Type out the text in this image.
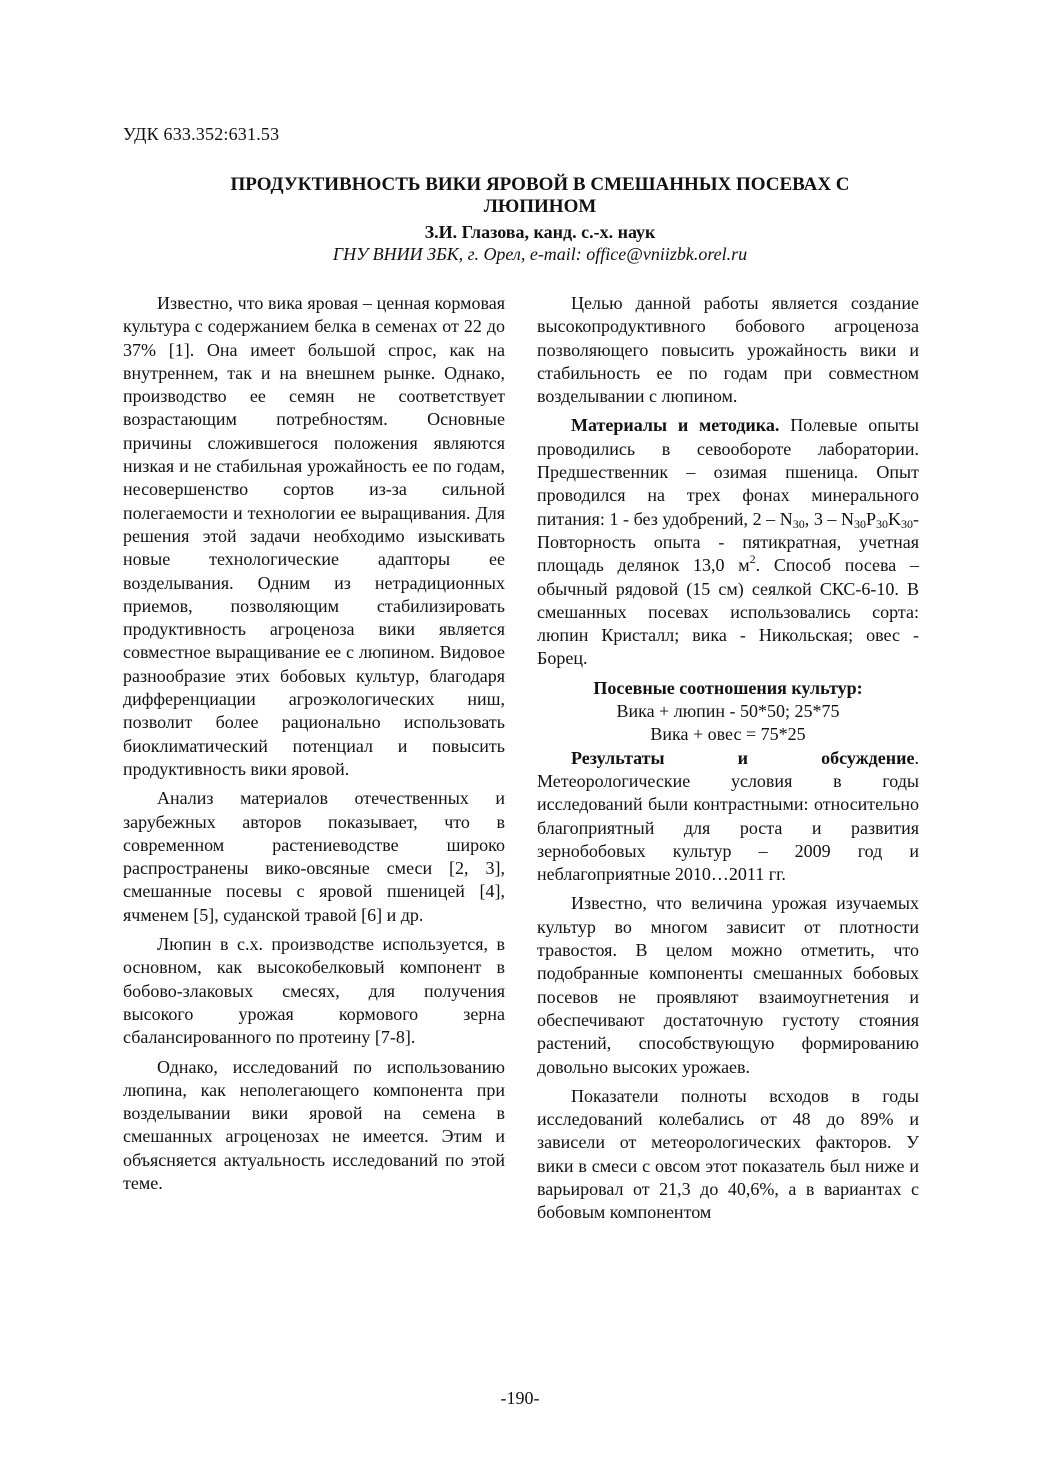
УДК 633.352:631.53
ПРОДУКТИВНОСТЬ ВИКИ ЯРОВОЙ В СМЕШАННЫХ ПОСЕВАХ С
ЛЮПИНОМ
З.И. Глазова, канд. с.-х. наук
ГНУ ВНИИ ЗБК, г. Орел, e-mail: office@vniizbk.orel.ru

Известно, что вика яровая – ценная кормовая культура с содержанием белка в семенах от 22 до 37% [1]. Она имеет большой спрос, как на внутреннем, так и на внешнем рынке. Однако, производство ее семян не соответствует возрастающим потребностям. Основные причины сложившегося положения являются низкая и не стабильная урожайность ее по годам, несовершенство сортов из-за сильной полегаемости и технологии ее выращивания. Для решения этой задачи необходимо изыскивать новые технологические адапторы ее возделывания. Одним из нетрадиционных приемов, позволяющим стабилизировать продуктивность агроценоза вики является совместное выращивание ее с люпином. Видовое разнообразие этих бобовых культур, благодаря дифференциации агроэкологических ниш, позволит более рационально использовать биоклиматический потенциал и повысить продуктивность вики яровой.

Анализ материалов отечественных и зарубежных авторов показывает, что в современном растениеводстве широко распространены вико-овсяные смеси [2, 3], смешанные посевы с яровой пшеницей [4], ячменем [5], суданской травой [6] и др.

Люпин в с.х. производстве используется, в основном, как высокобелковый компонент в бобово-злаковых смесях, для получения высокого урожая кормового зерна сбалансированного по протеину [7-8].

Однако, исследований по использованию люпина, как неполегающего компонента при возделывании вики яровой на семена в смешанных агроценозах не имеется. Этим и объясняется актуальность исследований по этой теме.

Целью данной работы является создание высокопродуктивного бобового агроценоза позволяющего повысить урожайность вики и стабильность ее по годам при совместном возделывании с люпином.

Материалы и методика. Полевые опыты проводились в севообороте лаборатории. Предшественник – озимая пшеница. Опыт проводился на трех фонах минерального питания: 1 - без удобрений, $2 - N_{30}$, $3 - N_{30}P_{30}K_{30}-$ Повторность опыта - пятикратная, учетная площадь делянок 13,0 $м^2$. Способ посева – обычный рядовой (15 см) сеялкой СКС-6-10. В смешанных посевах использовались сорта: люпин Кристалл; вика - Никольская; овес - Борец.

Посевные соотношения культур:

Вика + люпин - 50*50; 25*75

Вика + овес = 75*25

Результаты и обсуждение. Метеорологические условия в годы исследований были контрастными: относительно благоприятный для роста и развития зернобобовых культур – 2009 год и неблагоприятные 2010…2011 гг.

Известно, что величина урожая изучаемых культур во многом зависит от плотности травостоя. В целом можно отметить, что подобранные компоненты смешанных бобовых посевов не проявляют взаимоугнетения и обеспечивают достаточную густоту стояния растений, способствующую формированию довольно высоких урожаев.

Показатели полноты всходов в годы исследований колебались от 48 до 89% и зависели от метеорологических факторов. У вики в смеси с овсом этот показатель был ниже и варьировал от 21,3 до 40,6%, а в вариантах с бобовым компонентом

-190-
